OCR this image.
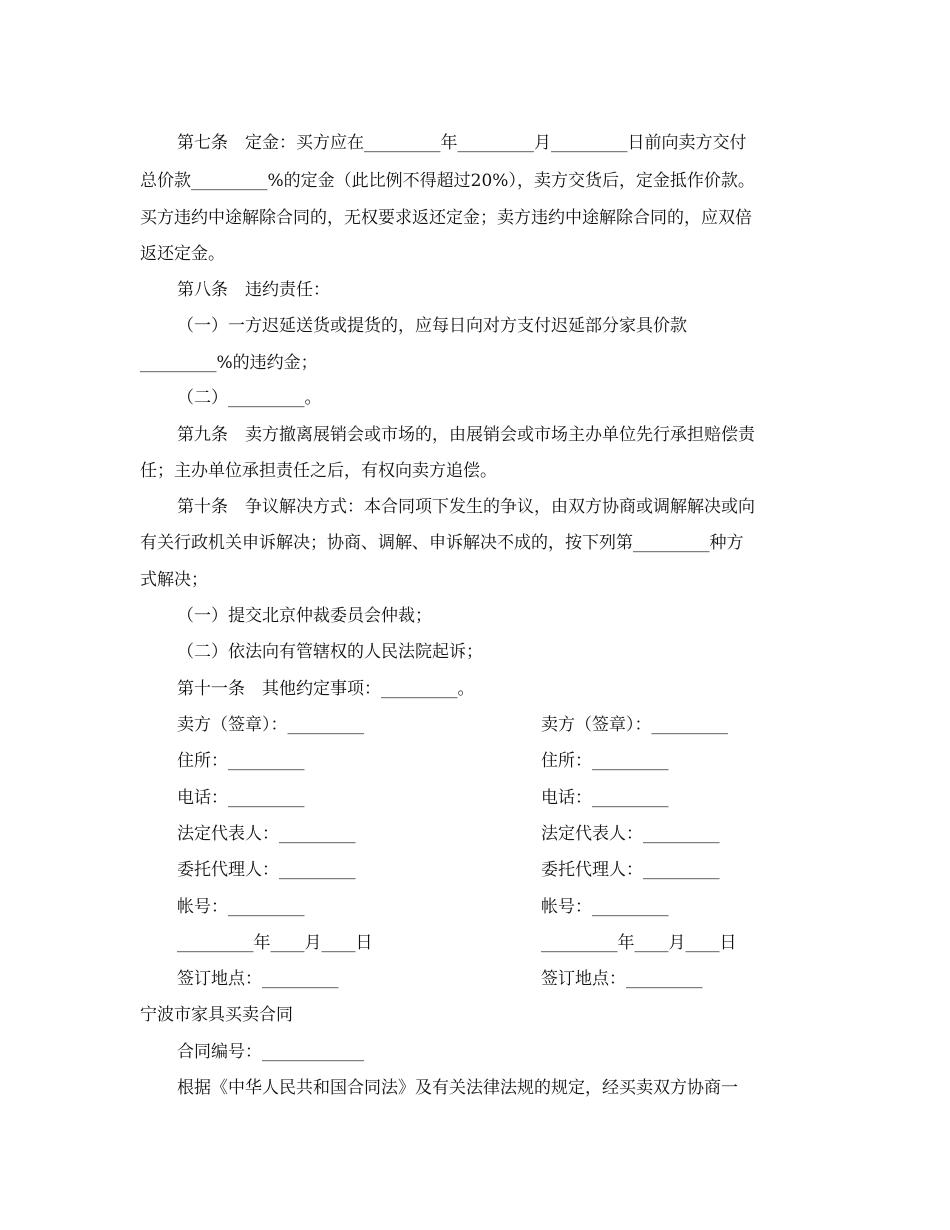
第七条　定金：买方应在_________年_________月_________日前向卖方交付
总价款_________%的定金（此比例不得超过20%），卖方交货后，定金抵作价款。
买方违约中途解除合同的，无权要求返还定金；卖方违约中途解除合同的，应双倍
返还定金。
第八条　违约责任：
（一）一方迟延送货或提货的，应每日向对方支付迟延部分家具价款
_________%的违约金；
（二）_________。
第九条　卖方撤离展销会或市场的，由展销会或市场主办单位先行承担赔偿责
任；主办单位承担责任之后，有权向卖方追偿。
第十条　争议解决方式：本合同项下发生的争议，由双方协商或调解解决或向
有关行政机关申诉解决；协商、调解、申诉解决不成的，按下列第_________种方
式解决；
（一）提交北京仲裁委员会仲裁；
（二）依法向有管辖权的人民法院起诉；
第十一条　其他约定事项：_________。
卖方（签章）：_________
住所：_________
电话：_________
法定代表人：_________
委托代理人：_________
帐号：_________
_________年____月____日
签订地点：_________
卖方（签章）：_________
住所：_________
电话：_________
法定代表人：_________
委托代理人：_________
帐号：_________
_________年____月____日
签订地点：_________
宁波市家具买卖合同
合同编号：____________
根据《中华人民共和国合同法》及有关法律法规的规定，经买卖双方协商一
